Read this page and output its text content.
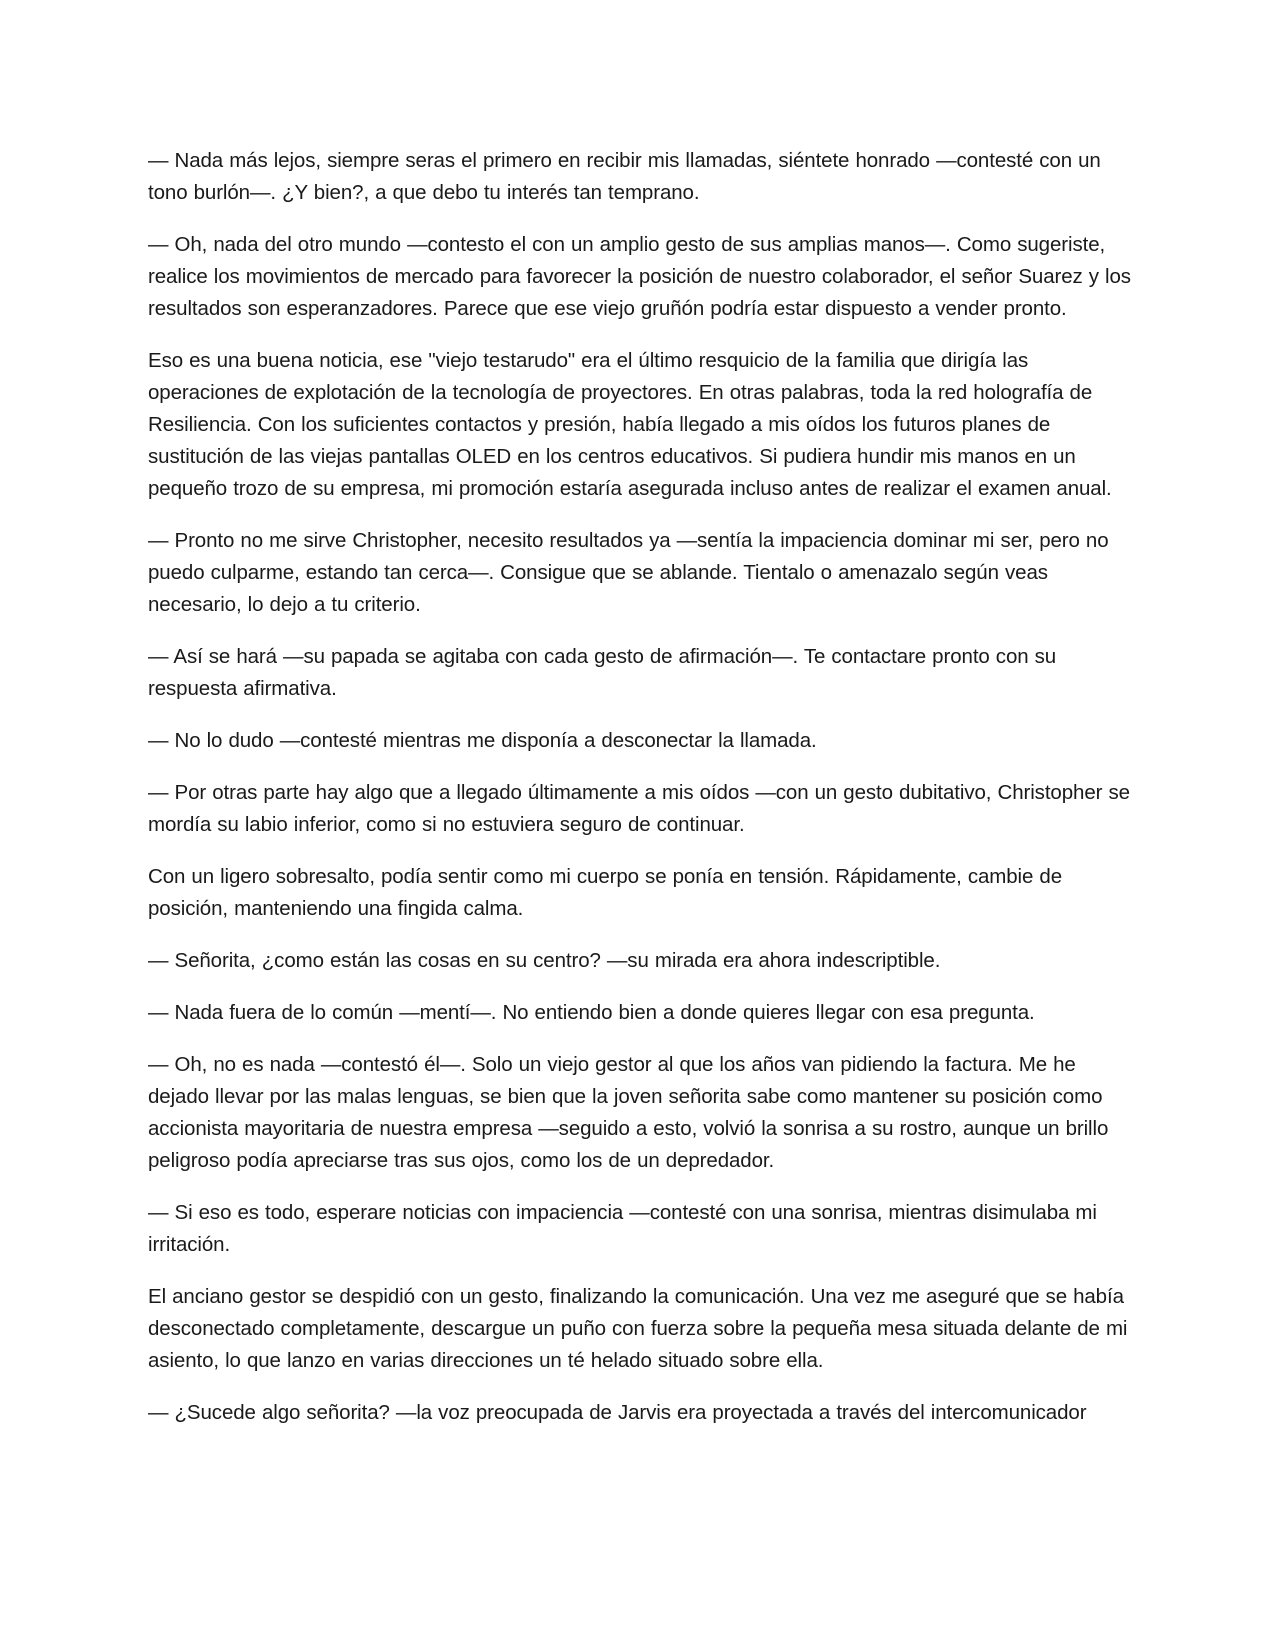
— Nada más lejos, siempre seras el primero en recibir mis llamadas, siéntete honrado —contesté con un tono burlón—. ¿Y bien?, a que debo tu interés tan temprano.

— Oh, nada del otro mundo —contesto el con un amplio gesto de sus amplias manos—. Como sugeriste, realice los movimientos de mercado para favorecer la posición de nuestro colaborador, el señor Suarez y los resultados son esperanzadores. Parece que ese viejo gruñón podría estar dispuesto a vender pronto.

Eso es una buena noticia, ese "viejo testarudo" era el último resquicio de la familia que dirigía las operaciones de explotación de la tecnología de proyectores. En otras palabras, toda la red holografía de Resiliencia. Con los suficientes contactos y presión, había llegado a mis oídos los futuros planes de sustitución de las viejas pantallas OLED en los centros educativos. Si pudiera hundir mis manos en un pequeño trozo de su empresa, mi promoción estaría asegurada incluso antes de realizar el examen anual.

— Pronto no me sirve Christopher, necesito resultados ya —sentía la impaciencia dominar mi ser, pero no puedo culparme, estando tan cerca—. Consigue que se ablande. Tientalo o amenazalo según veas necesario, lo dejo a tu criterio.

— Así se hará —su papada se agitaba con cada gesto de afirmación—. Te contactare pronto con su respuesta afirmativa.

— No lo dudo —contesté mientras me disponía a desconectar la llamada.

— Por otras parte hay algo que a llegado últimamente a mis oídos —con un gesto dubitativo, Christopher se mordía su labio inferior, como si no estuviera seguro de continuar.

Con un ligero sobresalto, podía sentir como mi cuerpo se ponía en tensión. Rápidamente, cambie de posición, manteniendo una fingida calma.

— Señorita, ¿como están las cosas en su centro? —su mirada era ahora indescriptible.

— Nada fuera de lo común —mentí—. No entiendo bien a donde quieres llegar con esa pregunta.

— Oh, no es nada —contestó él—. Solo un viejo gestor al que los años van pidiendo la factura. Me he dejado llevar por las malas lenguas, se bien que la joven señorita sabe como mantener su posición como accionista mayoritaria de nuestra empresa —seguido a esto, volvió la sonrisa a su rostro, aunque un brillo peligroso podía apreciarse tras sus ojos, como los de un depredador.

— Si eso es todo, esperare noticias con impaciencia —contesté con una sonrisa, mientras disimulaba mi irritación.

El anciano gestor se despidió con un gesto, finalizando la comunicación. Una vez me aseguré que se había desconectado completamente, descargue un puño con fuerza sobre la pequeña mesa situada delante de mi asiento, lo que lanzo en varias direcciones un té helado situado sobre ella.

— ¿Sucede algo señorita? —la voz preocupada de Jarvis era proyectada a través del intercomunicador
